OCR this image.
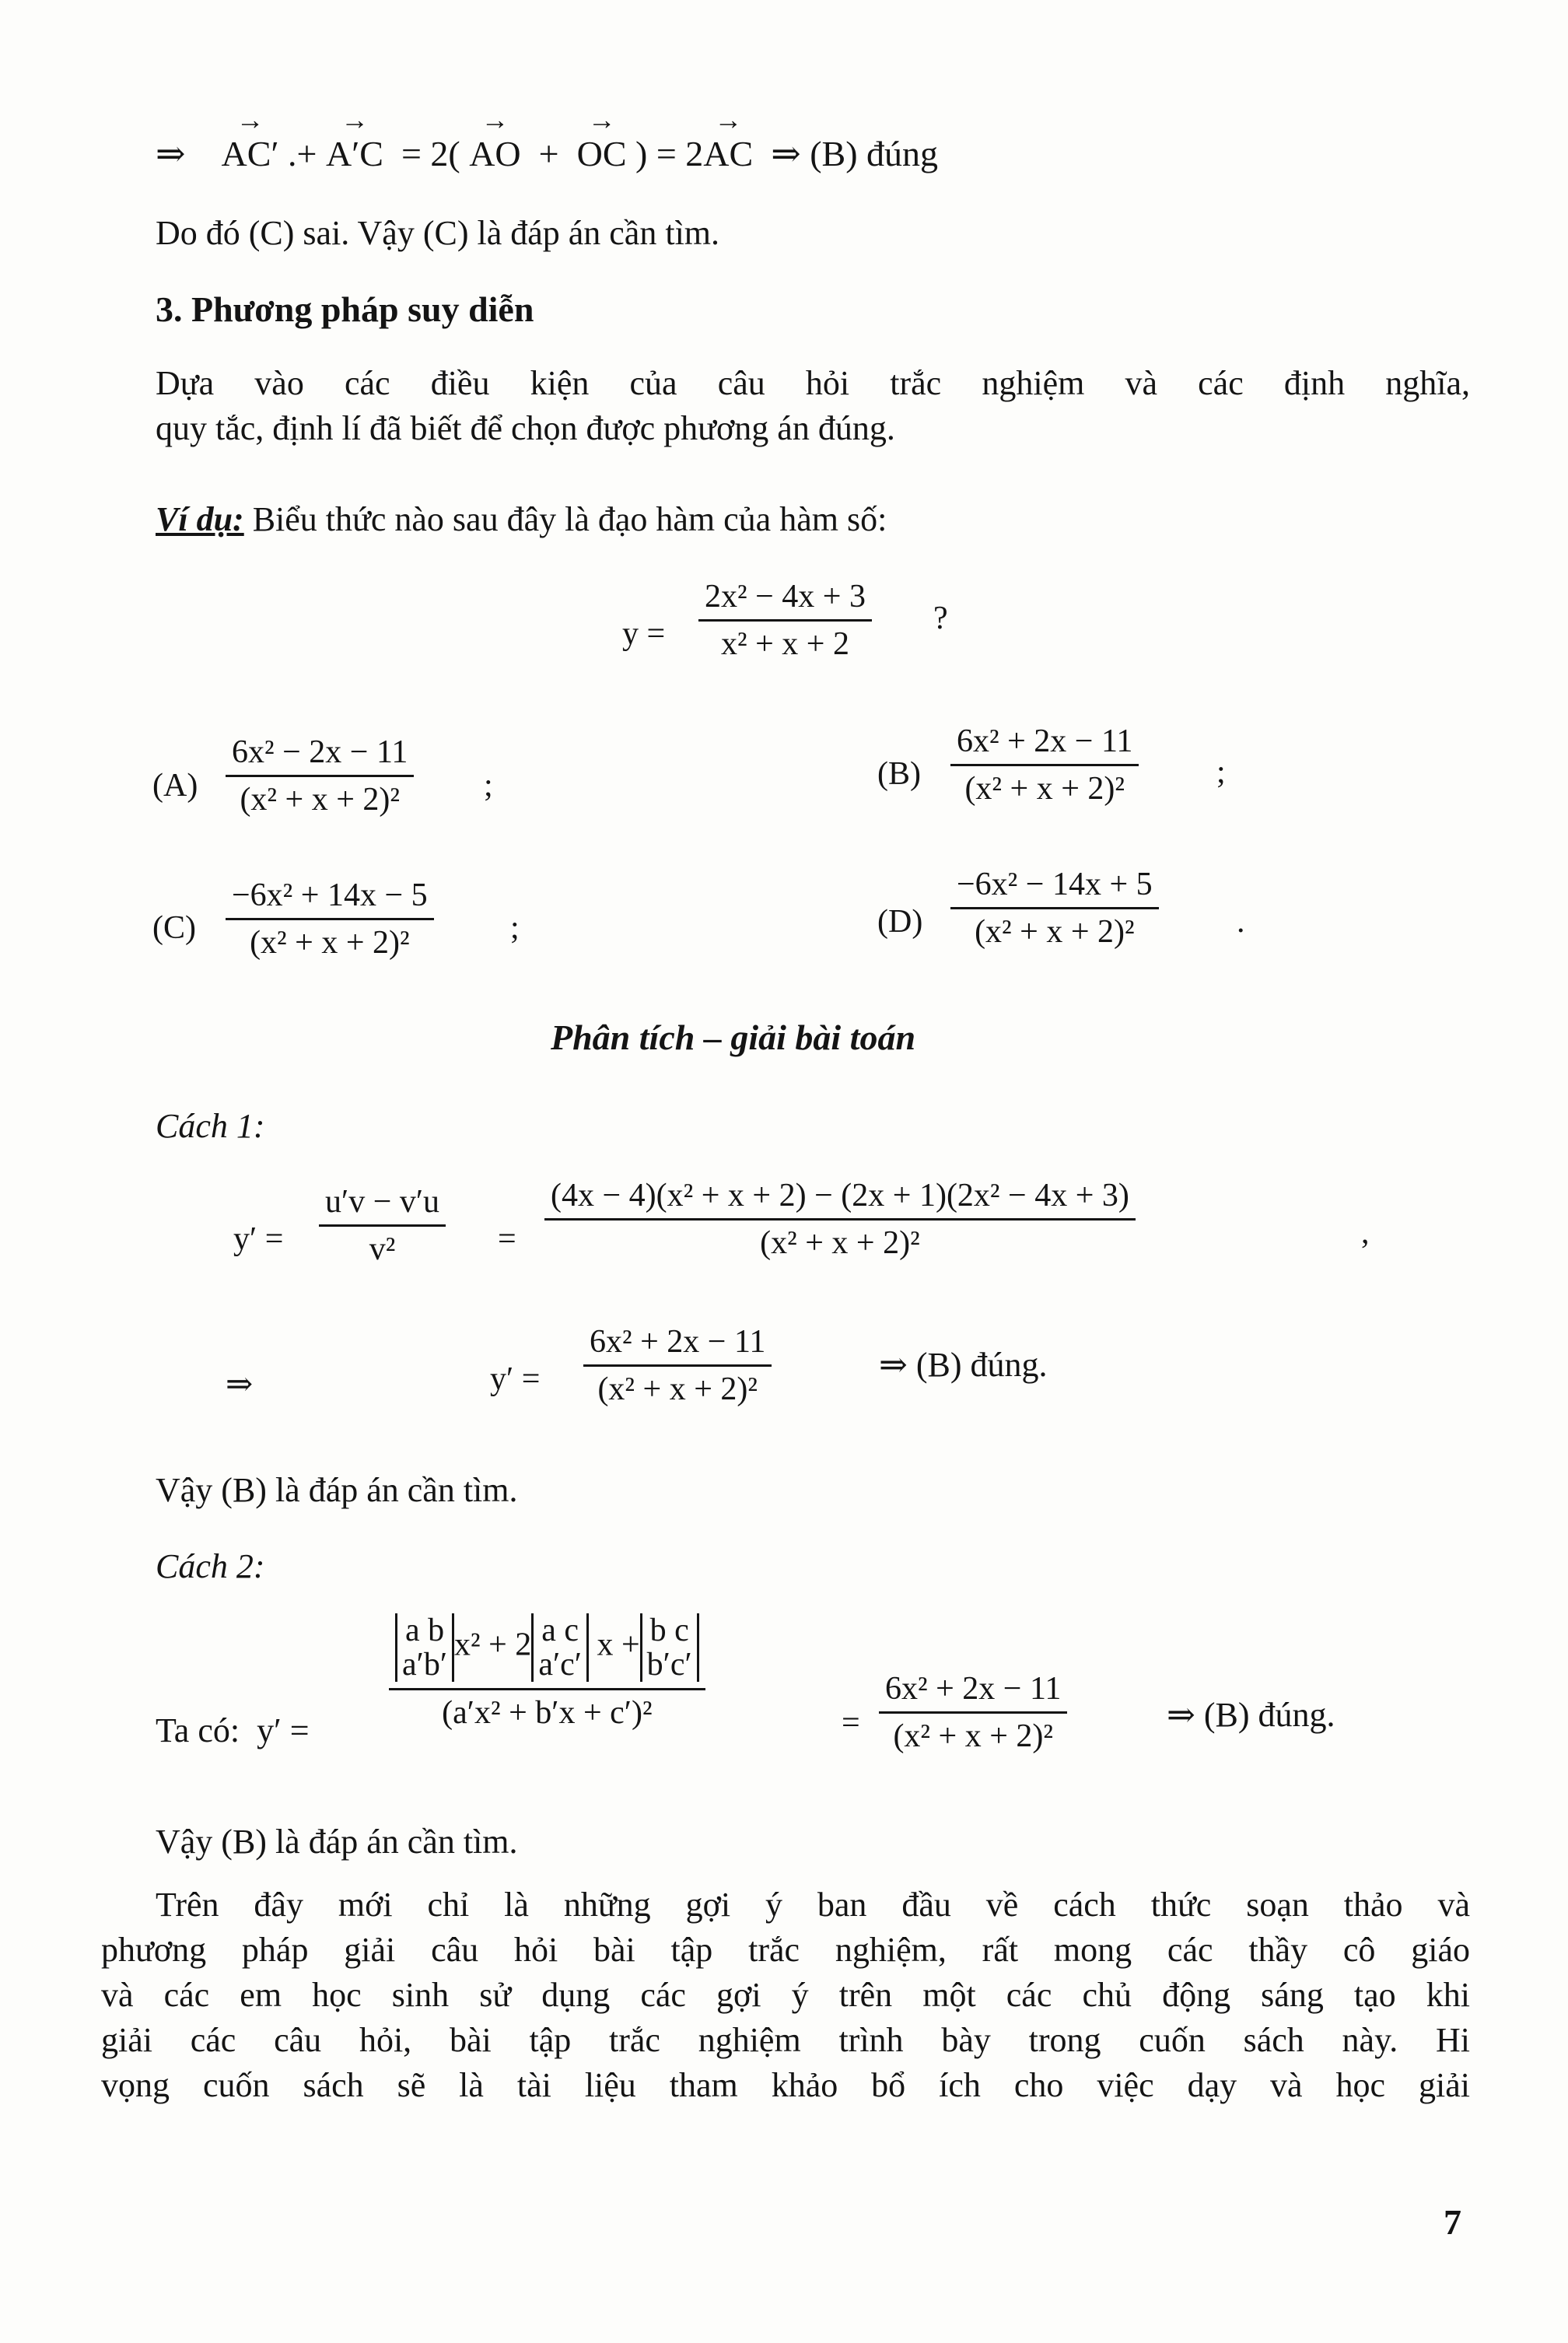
⇒ → AC′ .+ → A′C = 2( → AO + → OC ) = 2→ AC ⇒ (B) đúng
Do đó (C) sai. Vậy (C) là đáp án cần tìm.
3. Phương pháp suy diễn
Dựa vào các điều kiện của câu hỏi trắc nghiệm và các định nghĩa,
quy tắc, định lí đã biết để chọn được phương án đúng.
Ví dụ: Biểu thức nào sau đây là đạo hàm của hàm số:
$y = \frac{\text{2x² − 4x + 3}}{\text{x² + x + 2}}$ ?
$(A) \frac{\text{6x² − 2x − 11}}{\text{(x² + x + 2)²}}$ ;	$(B) \frac{\text{6x² + 2x − 11}}{\text{(x² + x + 2)²}}$ ;
$(C) \frac{\text{−6x² + 14x − 5}}{\text{(x² + x + 2)²}}$ ;	$(D) \frac{\text{−6x² − 14x + 5}}{\text{(x² + x + 2)²}}$ .
Phân tích – giải bài toán
Cách 1:
$y' = \frac{u'v - v'u}{\text{v²}} = \frac{\text{(4x − 4)(x² + x + 2) − (2x + 1)(2x² − 4x + 3)}}{\text{(x² + x + 2)²}}$	,
⇒	$y' = \frac{\text{6x² + 2x − 11}}{\text{(x² + x + 2)²}}$	⇒ (B) đúng.
Vậy (B) là đáp án cần tìm.
Cách 2:
Ta có: y′ =
a b
a′b′x² + 2 a c
a′c′ x + b c
b′c′
(a′x² + b′x + c′)²	= $\frac{\text{6x² + 2x − 11}}{\text{(x² + x + 2)²}}$	⇒ (B) đúng.
Vậy (B) là đáp án cần tìm.
Trên đây mới chỉ là những gợi ý ban đầu về cách thức soạn thảo và
phương pháp giải câu hỏi bài tập trắc nghiệm, rất mong các thầy cô giáo
và các em học sinh sử dụng các gợi ý trên một các chủ động sáng tạo khi
giải các câu hỏi, bài tập trắc nghiệm trình bày trong cuốn sách này. Hi
vọng cuốn sách sẽ là tài liệu tham khảo bổ ích cho việc dạy và học giải
7
